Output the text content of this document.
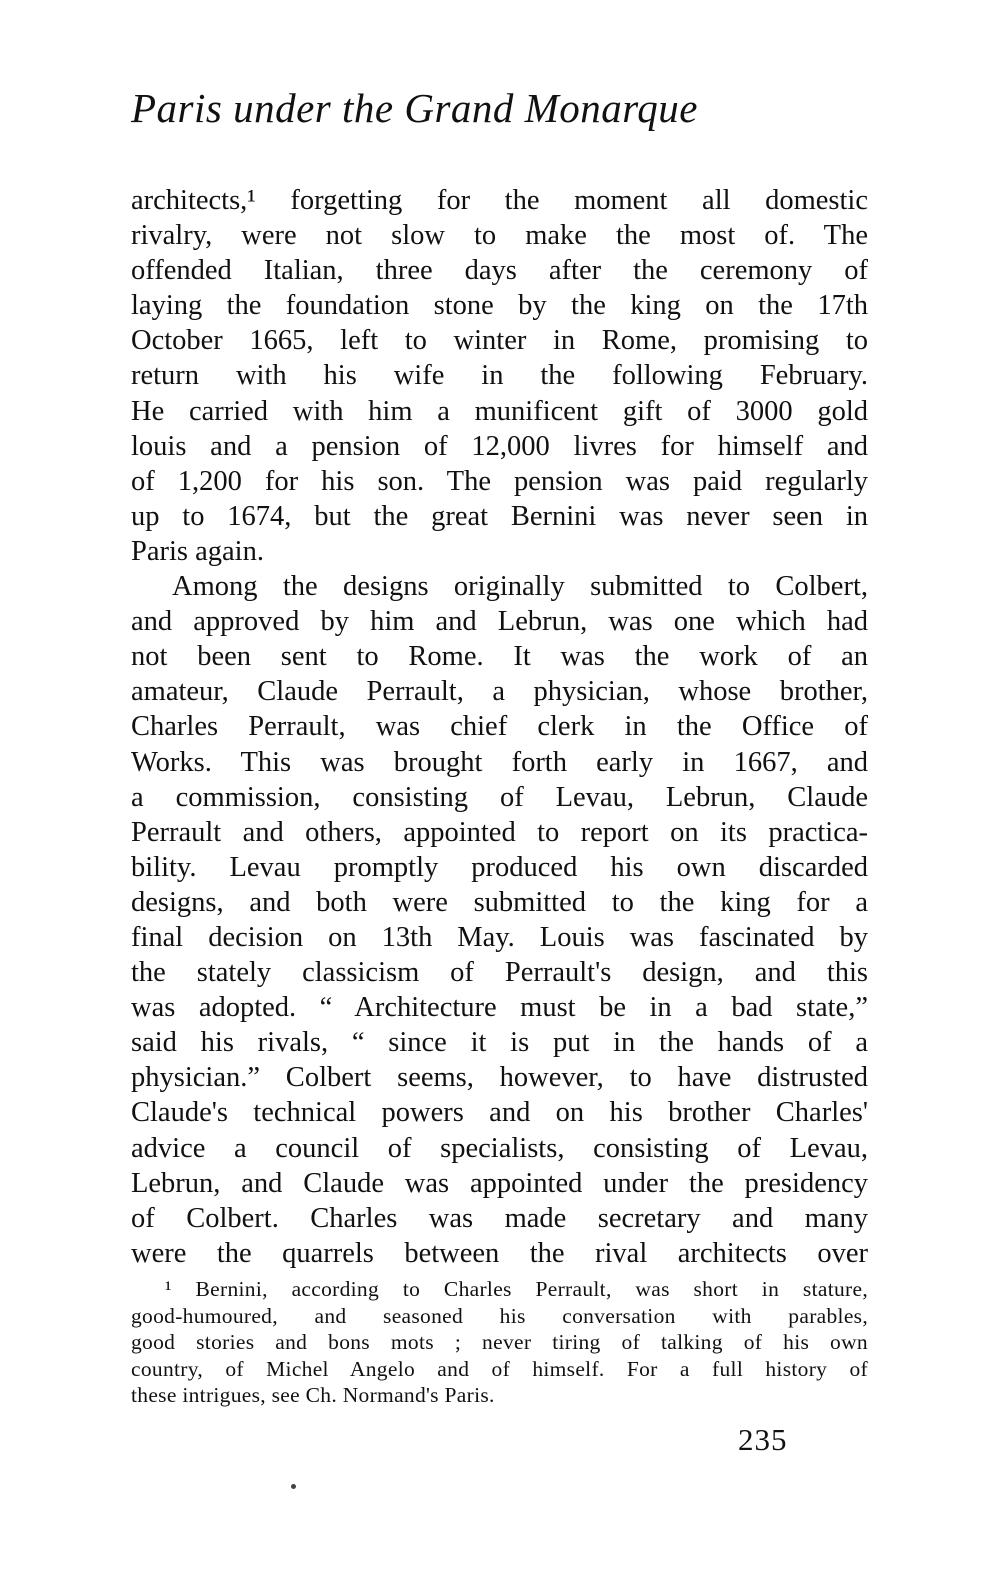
Paris under the Grand Monarque
architects,¹ forgetting for the moment all domestic
rivalry, were not slow to make the most of. The
offended Italian, three days after the ceremony of
laying the foundation stone by the king on the 17th
October 1665, left to winter in Rome, promising to
return with his wife in the following February.
He carried with him a munificent gift of 3000 gold
louis and a pension of 12,000 livres for himself and
of 1,200 for his son. The pension was paid regularly
up to 1674, but the great Bernini was never seen in
Paris again.
Among the designs originally submitted to Colbert,
and approved by him and Lebrun, was one which had
not been sent to Rome. It was the work of an
amateur, Claude Perrault, a physician, whose brother,
Charles Perrault, was chief clerk in the Office of
Works. This was brought forth early in 1667, and
a commission, consisting of Levau, Lebrun, Claude
Perrault and others, appointed to report on its practica-
bility. Levau promptly produced his own discarded
designs, and both were submitted to the king for a
final decision on 13th May. Louis was fascinated by
the stately classicism of Perrault's design, and this
was adopted. “ Architecture must be in a bad state,”
said his rivals, “ since it is put in the hands of a
physician.” Colbert seems, however, to have distrusted
Claude's technical powers and on his brother Charles'
advice a council of specialists, consisting of Levau,
Lebrun, and Claude was appointed under the presidency
of Colbert. Charles was made secretary and many
were the quarrels between the rival architects over
¹ Bernini, according to Charles Perrault, was short in stature,
good-humoured, and seasoned his conversation with parables,
good stories and bons mots ; never tiring of talking of his own
country, of Michel Angelo and of himself. For a full history of
these intrigues, see Ch. Normand's Paris.
235
